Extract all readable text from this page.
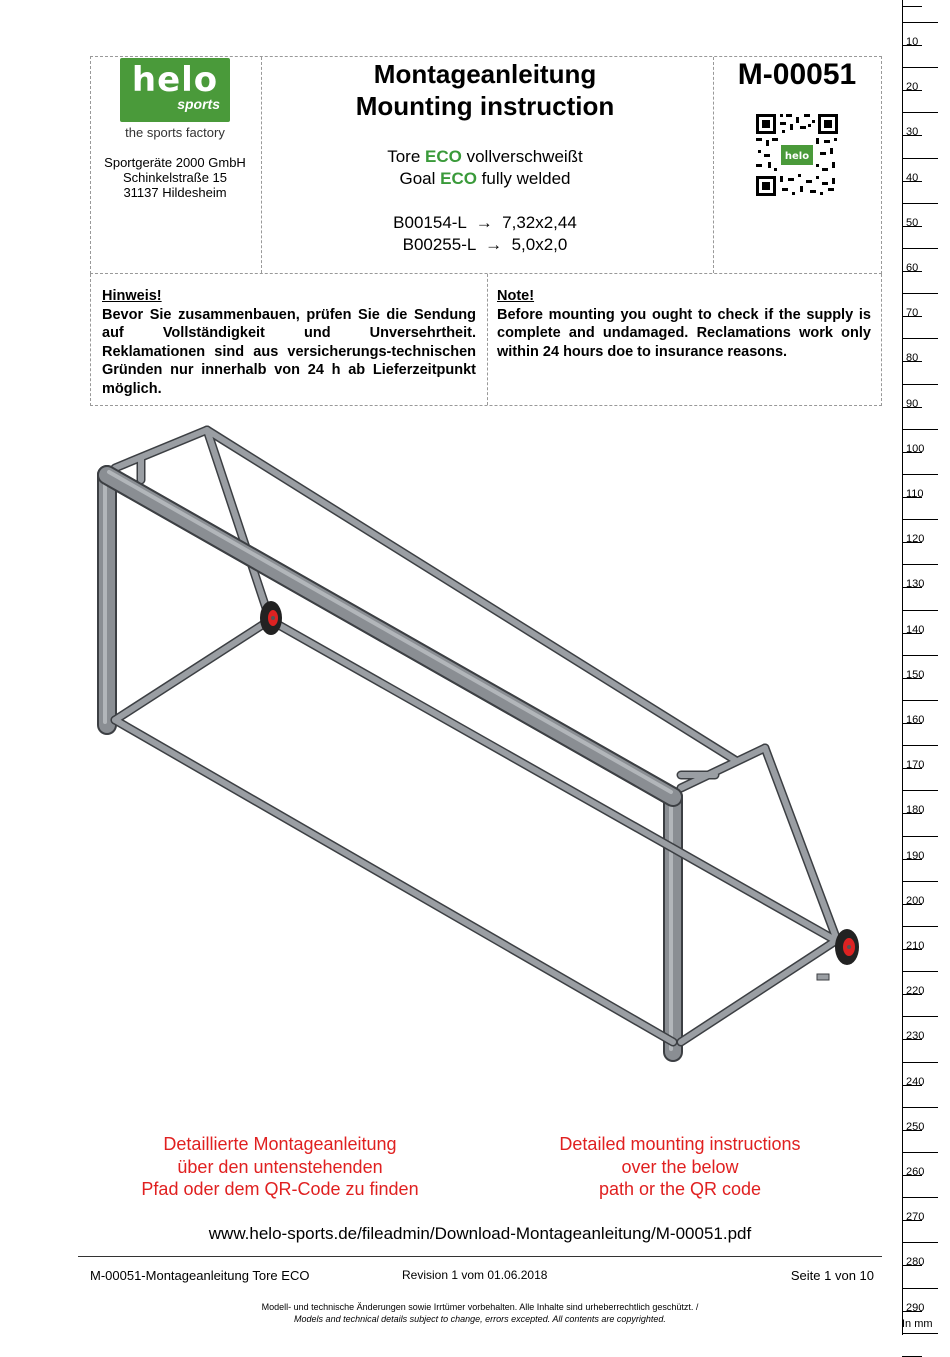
helo
sports
the sports factory
Sportgeräte 2000 GmbH
Schinkelstraße 15
31137 Hildesheim
Montageanleitung
Mounting instruction
Tore ECO vollverschweißt
Goal ECO fully welded
B00154-L  →  7,32x2,44
B00255-L  →  5,0x2,0
M-00051
helo
Hinweis!
Bevor Sie zusammenbauen, prüfen Sie die Sendung auf Vollständigkeit und Unversehrtheit. Reklamationen sind aus versicherungs-technischen Gründen nur innerhalb von 24 h ab Lieferzeitpunkt möglich.
Note!
Before mounting you ought to check if the supply is complete and undamaged. Reclamations work only within 24 hours doe to insurance reasons.
Detaillierte Montageanleitung
über den untenstehenden
Pfad oder dem QR-Code zu finden
Detailed mounting instructions
over the below
path or the QR code
www.helo-sports.de/fileadmin/Download-Montageanleitung/M-00051.pdf
M-00051-Montageanleitung Tore ECO	Revision 1 vom 01.06.2018	Seite 1 von 10
Modell- und technische Änderungen sowie Irrtümer vorbehalten. Alle Inhalte sind urheberrechtlich geschützt. /
Models and technical details subject to change, errors excepted. All contents are copyrighted.
10
20
30
40
50
60
70
80
90
100
110
120
130
140
150
160
170
180
190
200
210
220
230
240
250
260
270
280
290
In mm
